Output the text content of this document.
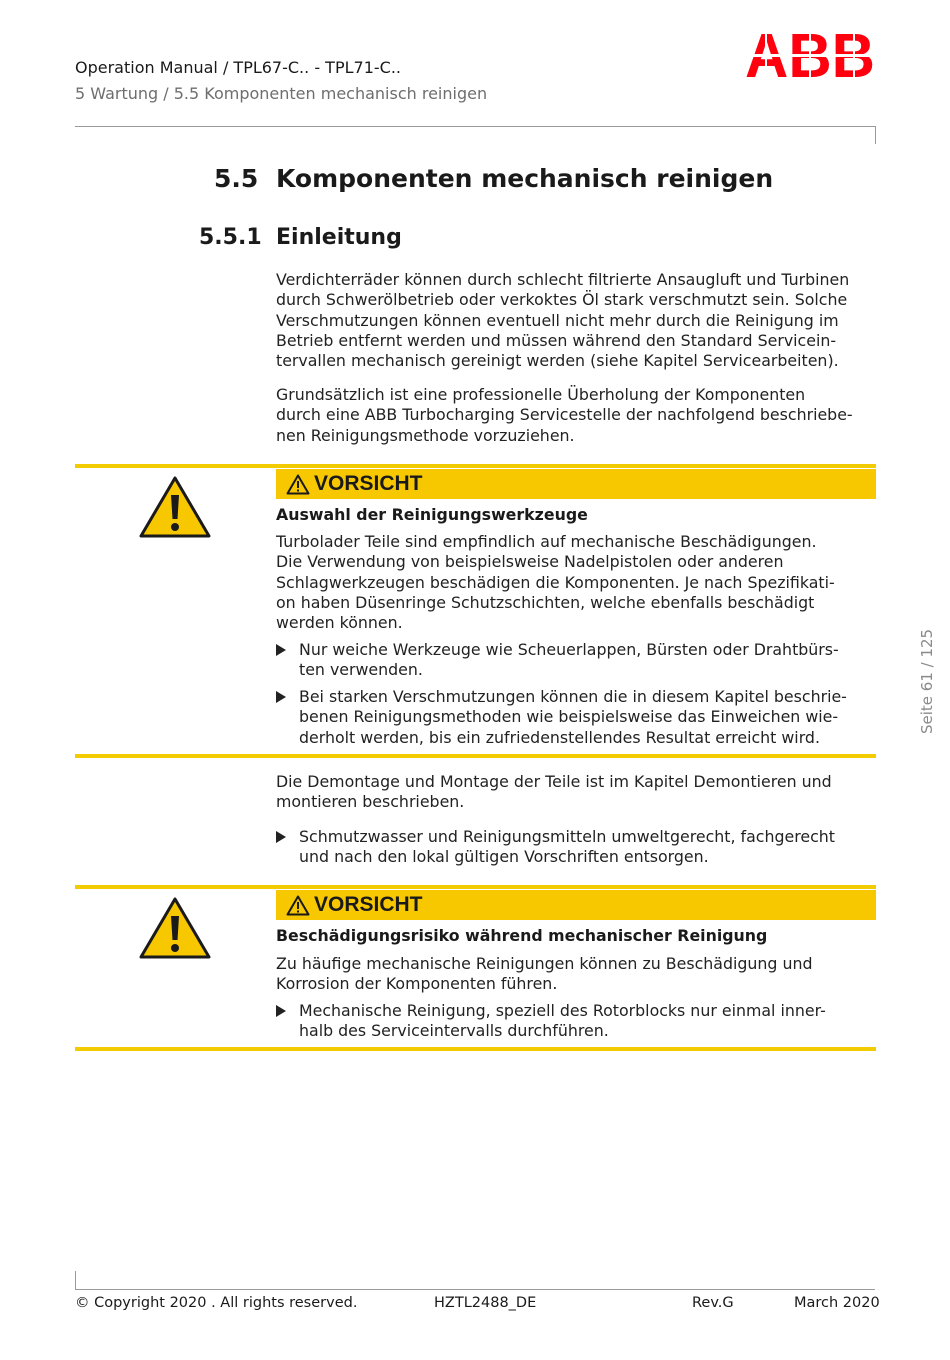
Operation Manual / TPL67-C.. - TPL71-C..
5 Wartung / 5.5 Komponenten mechanisch reinigen
5.5 Komponenten mechanisch reinigen
5.5.1 Einleitung
Verdichterräder können durch schlecht filtrierte Ansaugluft und Turbinen
durch Schwerölbetrieb oder verkoktes Öl stark verschmutzt sein. Solche
Verschmutzungen können eventuell nicht mehr durch die Reinigung im
Betrieb entfernt werden und müssen während den Standard Servicein-
tervallen mechanisch gereinigt werden (siehe Kapitel Servicearbeiten).
Grundsätzlich ist eine professionelle Überholung der Komponenten
durch eine ABB Turbocharging Servicestelle der nachfolgend beschriebe-
nen Reinigungsmethode vorzuziehen.
VORSICHT
Auswahl der Reinigungswerkzeuge
Turbolader Teile sind empfindlich auf mechanische Beschädigungen.
Die Verwendung von beispielsweise Nadelpistolen oder anderen
Schlagwerkzeugen beschädigen die Komponenten. Je nach Spezifikati-
on haben Düsenringe Schutzschichten, welche ebenfalls beschädigt
werden können.
Nur weiche Werkzeuge wie Scheuerlappen, Bürsten oder Drahtbürs-
ten verwenden.
Bei starken Verschmutzungen können die in diesem Kapitel beschrie-
benen Reinigungsmethoden wie beispielsweise das Einweichen wie-
derholt werden, bis ein zufriedenstellendes Resultat erreicht wird.
Die Demontage und Montage der Teile ist im Kapitel Demontieren und
montieren beschrieben.
Schmutzwasser und Reinigungsmitteln umweltgerecht, fachgerecht
und nach den lokal gültigen Vorschriften entsorgen.
VORSICHT
Beschädigungsrisiko während mechanischer Reinigung
Zu häufige mechanische Reinigungen können zu Beschädigung und
Korrosion der Komponenten führen.
Mechanische Reinigung, speziell des Rotorblocks nur einmal inner-
halb des Serviceintervalls durchführen.
Seite 61 / 125
© Copyright 2020 . All rights reserved.	HZTL2488_DE	Rev.G	March 2020
